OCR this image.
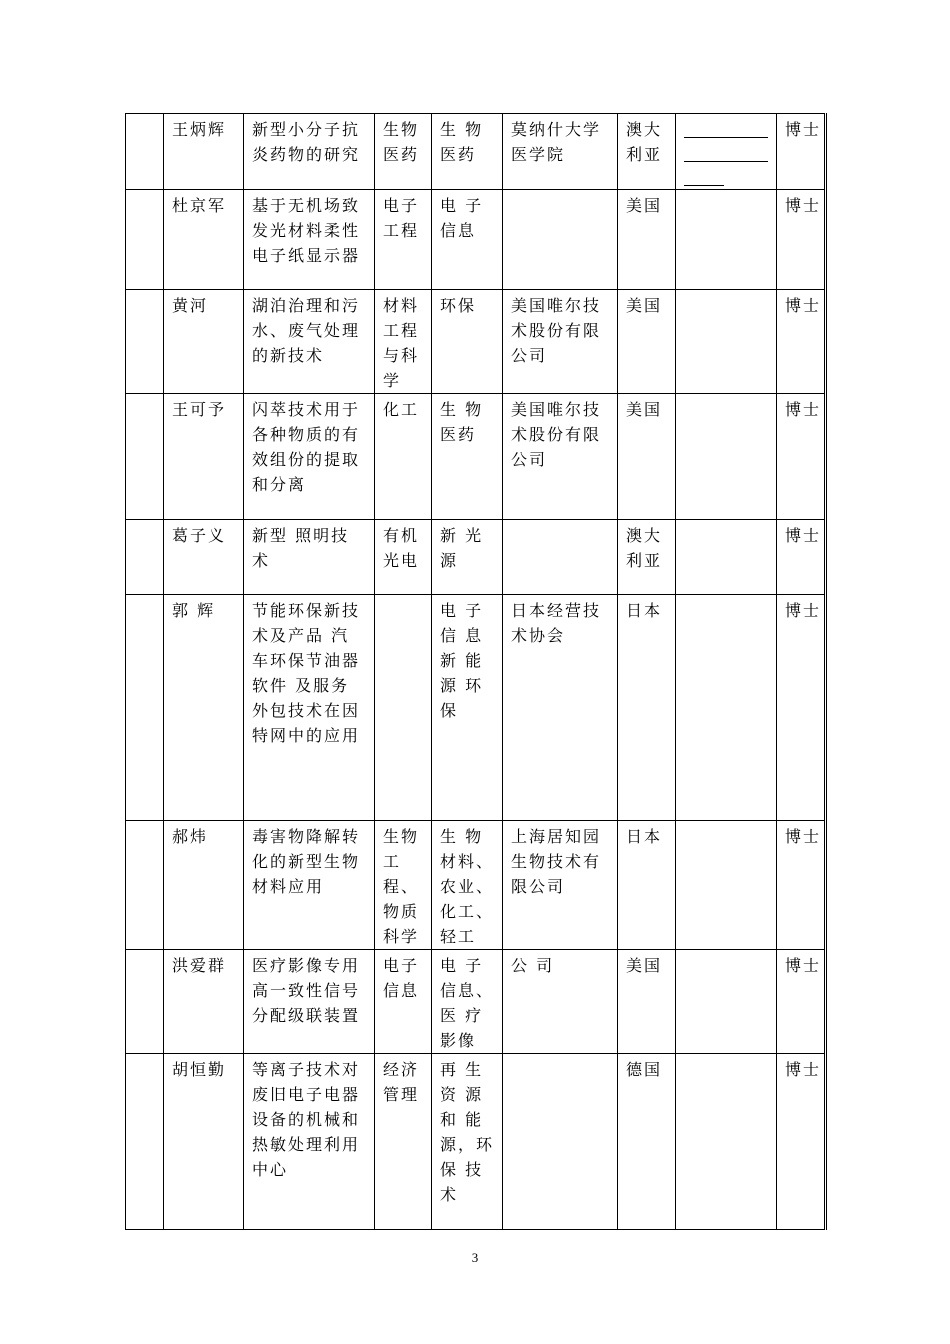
	王炳辉	新型小分子抗炎药物的研究	生物医药	生 物医药	莫纳什大学医学院	澳大利亚		博士
	杜京军	基于无机场致发光材料柔性电子纸显示器	电子工程	电 子信息		美国		博士
	黄河	湖泊治理和污水、废气处理的新技术	材料工程与科学	环保	美国唯尔技术股份有限公司	美国		博士
	王可予	闪萃技术用于各种物质的有效组份的提取和分离	化工	生 物医药	美国唯尔技术股份有限公司	美国		博士
	葛子义	新型 照明技术	有机光电	新 光源		澳大利亚		博士
	郭 辉	节能环保新技术及产品 汽车环保节油器软件 及服务外包技术在因特网中的应用		电 子信 息新 能源 环保	日本经营技术协会	日本		博士
	郝炜	毒害物降解转化的新型生物材料应用	生物工程、物质科学	生 物材料、农业、化工、轻工	上海居知园生物技术有限公司	日本		博士
	洪爱群	医疗影像专用高一致性信号分配级联装置	电子信息	电 子信息、医 疗影像	公 司	美国		博士
	胡恒勤	等离子技术对废旧电子电器设备的机械和热敏处理利用中心	经济管理	再 生资 源和 能源，环保 技术		德国		博士
3
